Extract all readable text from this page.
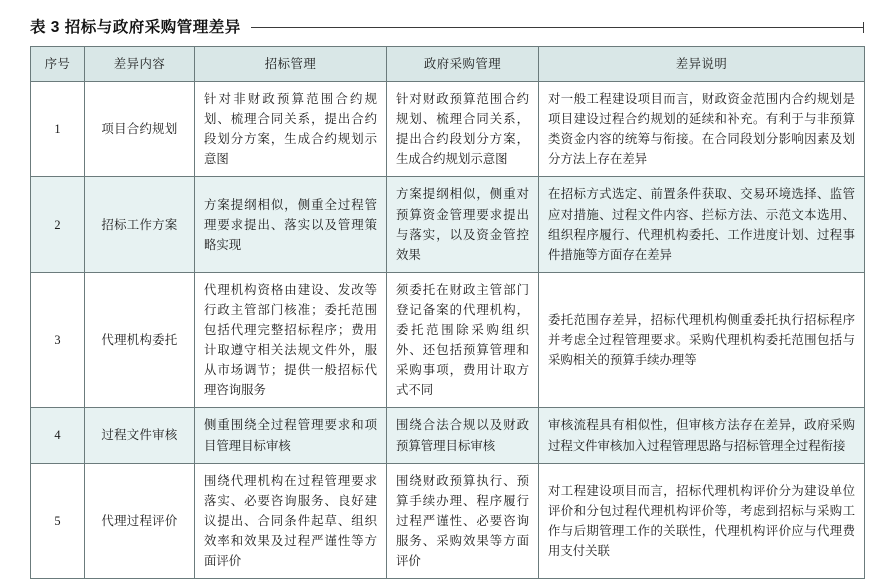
表 3 招标与政府采购管理差异
序号	差异内容	招标管理	政府采购管理	差异说明
1	项目合约规划	针对非财政预算范围合约规划、梳理合同关系，提出合约段划分方案，生成合约规划示意图	针对财政预算范围合约规划、梳理合同关系，提出合约段划分方案，生成合约规划示意图	对一般工程建设项目而言，财政资金范围内合约规划是项目建设过程合约规划的延续和补充。有利于与非预算类资金内容的统筹与衔接。在合同段划分影响因素及划分方法上存在差异
2	招标工作方案	方案提纲相似，侧重全过程管理要求提出、落实以及管理策略实现	方案提纲相似，侧重对预算资金管理要求提出与落实，以及资金管控效果	在招标方式选定、前置条件获取、交易环境选择、监管应对措施、过程文件内容、拦标方法、示范文本选用、组织程序履行、代理机构委托、工作进度计划、过程事件措施等方面存在差异
3	代理机构委托	代理机构资格由建设、发改等行政主管部门核准；委托范围包括代理完整招标程序；费用计取遵守相关法规文件外，服从市场调节；提供一般招标代理咨询服务	须委托在财政主管部门登记备案的代理机构，委托范围除采购组织外、还包括预算管理和采购事项，费用计取方式不同	委托范围存差异，招标代理机构侧重委托执行招标程序并考虑全过程管理要求。采购代理机构委托范围包括与采购相关的预算手续办理等
4	过程文件审核	侧重围绕全过程管理要求和项目管理目标审核	围绕合法合规以及财政预算管理目标审核	审核流程具有相似性，但审核方法存在差异，政府采购过程文件审核加入过程管理思路与招标管理全过程衔接
5	代理过程评价	围绕代理机构在过程管理要求落实、必要咨询服务、良好建议提出、合同条件起草、组织效率和效果及过程严谨性等方面评价	围绕财政预算执行、预算手续办理、程序履行过程严谨性、必要咨询服务、采购效果等方面评价	对工程建设项目而言，招标代理机构评价分为建设单位评价和分包过程代理机构评价等，考虑到招标与采购工作与后期管理工作的关联性，代理机构评价应与代理费用支付关联
